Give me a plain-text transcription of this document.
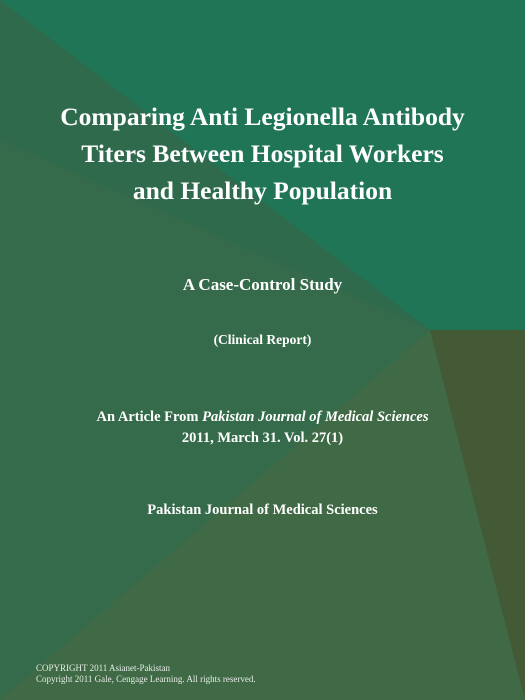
Comparing Anti Legionella Antibody
Titers Between Hospital Workers
and Healthy Population
A Case-Control Study
(Clinical Report)
An Article From Pakistan Journal of Medical Sciences
2011, March 31. Vol. 27(1)
Pakistan Journal of Medical Sciences
COPYRIGHT 2011 Asianet-Pakistan
Copyright 2011 Gale, Cengage Learning. All rights reserved.
